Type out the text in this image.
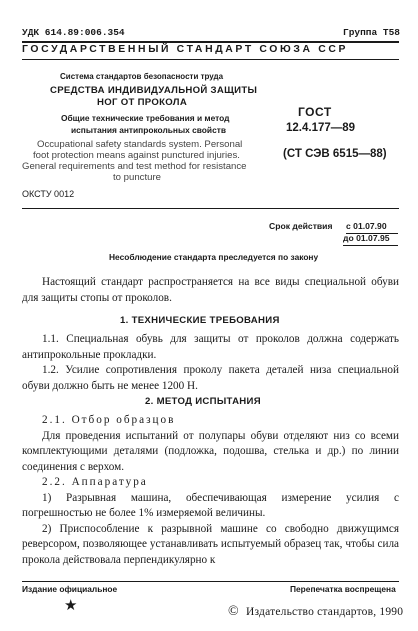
УДК 614.89:006.354	Группа Т58
ГОСУДАРСТВЕННЫЙ СТАНДАРТ СОЮЗА ССР
Система стандартов безопасности труда
СРЕДСТВА ИНДИВИДУАЛЬНОЙ ЗАЩИТЫ
НОГ ОТ ПРОКОЛА
Общие технические требования и метод
испытания антипрокольных свойств
Occupational safety standards system. Personal
foot protection means against punctured injuries.
General requirements and test method for resistance
to puncture
ОКСТУ 0012
ГОСТ
12.4.177—89
(СТ СЭВ 6515—88)
Срок действия с 01.07.90
до 01.07.95
Несоблюдение стандарта преследуется по закону

Настоящий стандарт распространяется на все виды специальной обуви для защиты стопы от проколов.

1. ТЕХНИЧЕСКИЕ ТРЕБОВАНИЯ

1.1. Специальная обувь для защиты от проколов должна содержать антипрокольные прокладки.

1.2. Усилие сопротивления проколу пакета деталей низа специальной обуви должно быть не менее 1200 Н.

2. МЕТОД ИСПЫТАНИЯ

2.1. Отбор образцов

Для проведения испытаний от полупары обуви отделяют низ со всеми комплектующими деталями (подложка, подошва, стелька и др.) по линии соединения с верхом.

2.2. Аппаратура

1) Разрывная машина, обеспечивающая измерение усилия с погрешностью не более 1% измеряемой величины.

2) Приспособление к разрывной машине со свободно движущимся реверсором, позволяющее устанавливать испытуемый образец так, чтобы сила прокола действовала перпендикулярно к

Издание официальное	Перепечатка воспрещена
★	© Издательство стандартов, 1990
